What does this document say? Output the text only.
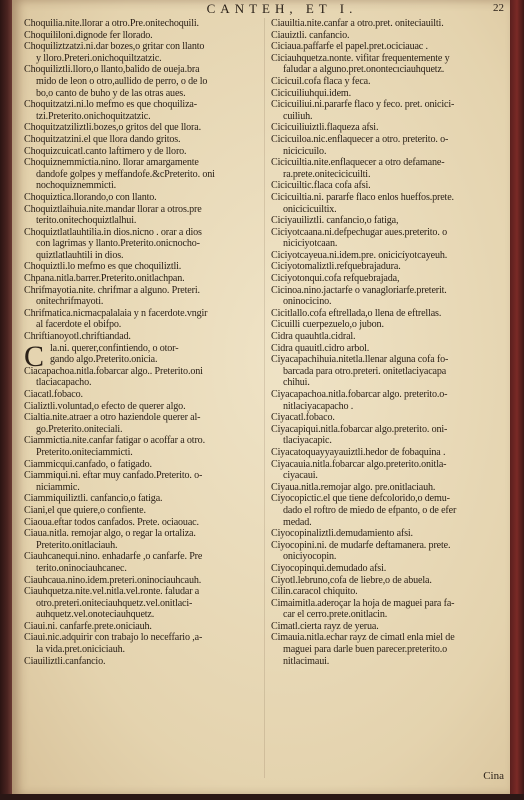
CANTEH, ET I.	22
Choquilia.nite.llorar a otro.Pre.onitechoquili.
Choquililoni.dignode fer llorado.
Choquiliztzatzi.ni.dar bozes,o gritar con llanto
y lloro.Preteri.onichoquiltzatzic.
Choquiliztli.lloro,o llanto,balido de oueja.bra
mido de leon o otro,aullido de perro, o de lo
bo,o canto de buho y de las otras aues.
Choquitzatzi.ni.lo mefmo es que choquiliza-
tzi.Preterito.onichoquitzatzic.
Choquitzatziliztli.bozes,o gritos del que llora.
Choquitzatzini.el que llora dando gritos.
Choquizcuicatl.canto laftimero y de lloro.
Choquiznemmictia.nino. llorar amargamente
dandofe golpes y meffandofe.&cPreterito. oni
nochoquiznemmicti.
Choquiztica.llorando,o con llanto.
Choquiztlaihuia.nite.mandar llorar a otros.pre
terito.onitechoquiztlalhui.
Choquiztlatlauhtilia.in dios.nicno . orar a dios
con lagrimas y llanto.Preterito.onicnocho-
quiztlatlauhtili in dios.
Choquiztli.lo mefmo es que choquiliztli.
Chpana.nitla.barrer.Preterito.onitlachpan.
Chrifmayotia.nite. chrifmar a alguno. Preteri.
onitechrifmayoti.
Chrifmatica.nicmacpalalaia y n facerdote.vngir
al facerdote el obifpo.
Chriftianoyotl.chriftiandad.
la.ni. querer,confintiendo, o otor-
gando algo.Preterito.onicia.
Ciacapachoa.nitla.fobarcar algo.. Preterito.oni
tlaciacapacho.
Ciacatl.fobaco.
Cializtli.voluntad,o efecto de querer algo.
Cialtia.nite.atraer a otro haziendole querer al-
go.Preterito.oniteciali.
Ciammictia.nite.canfar fatigar o acoffar a otro.
Preterito.oniteciammicti.
Ciammicqui.canfado, o fatigado.
Ciammiqui.ni. eftar muy canfado.Preterito. o-
niciammic.
Ciammiquiliztli. canfancio,o fatiga.
Ciani,el que quiere,o confiente.
Ciaoua.eftar todos canfados. Prete. ociaouac.
Ciaua.nitla. remojar algo, o regar la ortaliza.
Preterito.onitlaciauh.
Ciauhcanequi.nino. enhadarfe ,o canfarfe. Pre
terito.oninociauhcanec.
Ciauhcaua.nino.idem.preteri.oninociauhcauh.
Ciauhquetza.nite.vel.nitla.vel.ronte. faludar a
otro.preteri.oniteciauhquetz.vel.onitlaci-
auhquetz.vel.onoteciauhquetz.
Ciaui.ni. canfarfe.prete.oniciauh.
Ciaui.nic.adquirir con trabajo lo neceffario ,a-
la vida.pret.oniciciauh.
Ciauiliztli.canfancio.
Ciauiltia.nite.canfar a otro.pret. oniteciauilti.
Ciauiztli. canfancio.
Ciciaua.paffarfe el papel.pret.ociciauac .
Ciciauhquetza.nonte. vifitar frequentemente y
faludar a alguno.pret.onontecıciauhquetz.
Cicicuil.cofa flaca y feca.
Cicicuiliuhqui.idem.
Cicicuiliui.ni.pararfe flaco y feco. pret. onicici-
cuiliuh.
Cicicuiliuiztli.flaqueza afsi.
Cicicuiloa.nic.enflaquecer a otro. preterito. o-
nicicicuilo.
Cicicuiltia.nite.enflaquecer a otro defamane-
ra.prete.onitecicicuilti.
Cicicuiltic.flaca cofa afsi.
Cicicuiltia.ni. pararfe flaco enlos hueffos.prete.
onicicicuiltix.
Ciciyauiliztli. canfancio,o fatiga,
Ciciyotcaana.ni.defpechugar aues.preterito. o
niciciyotcaan.
Ciciyotcayeua.ni.idem.pre. onicicíyotcayeuh.
Ciciyotomaliztli.refquebrajadura.
Ciciyotonqui.cofa refquebrajada,
Cicinoa.nino.jactarfe o vanagloriarfe.preterit.
oninocicino.
Cicitlallo.cofa eftrellada,o llena de eftrellas.
Cicuilli cuerpezuelo,o jubon.
Cidra quauhtla.cidral.
Cidra quauitl.cidro arbol.
Ciyacapachihuia.nitetla.llenar alguna cofa fo-
barcada para otro.preteri. onitetlaciyacapa
chihui.
Ciyacapachoa.nitla.fobarcar algo. preterito.o-
nitlaciyacapacho .
Ciyacatl.fobaco.
Ciyacapiqui.nitla.fobarcar algo.preterito. oni-
tlaciyacapic.
Ciyacatoquayyayauiztli.hedor de fobaquina .
Ciyacauia.nitla.fobarcar algo.preterito.onitla-
ciyacaui.
Ciyaua.nitla.remojar algo. pre.onitlaciauh.
Ciyocopictic.el que tiene defcolorido,o demu-
dado el roftro de miedo de efpanto, o de efer
medad.
Ciyocopinaliztli.demudamiento afsi.
Ciyocopini.ni. de mudarfe deftamanera. prete.
oniciyocopin.
Ciyocopinqui.demudado afsi.
Ciyotl.lebruno,cofa de liebre,o de abuela.
Cilin.caracol chiquito.
Cimaimitla.aderoçar la hoja de maguei para fa-
car el cerro.prete.onitlacin.
Cimatl.cierta rayz de yerua.
Cimauia.nitla.echar rayz de cimatl enla miel de
maguei para darle buen parecer.preterito.o
nitlacimaui.
Cina
C
